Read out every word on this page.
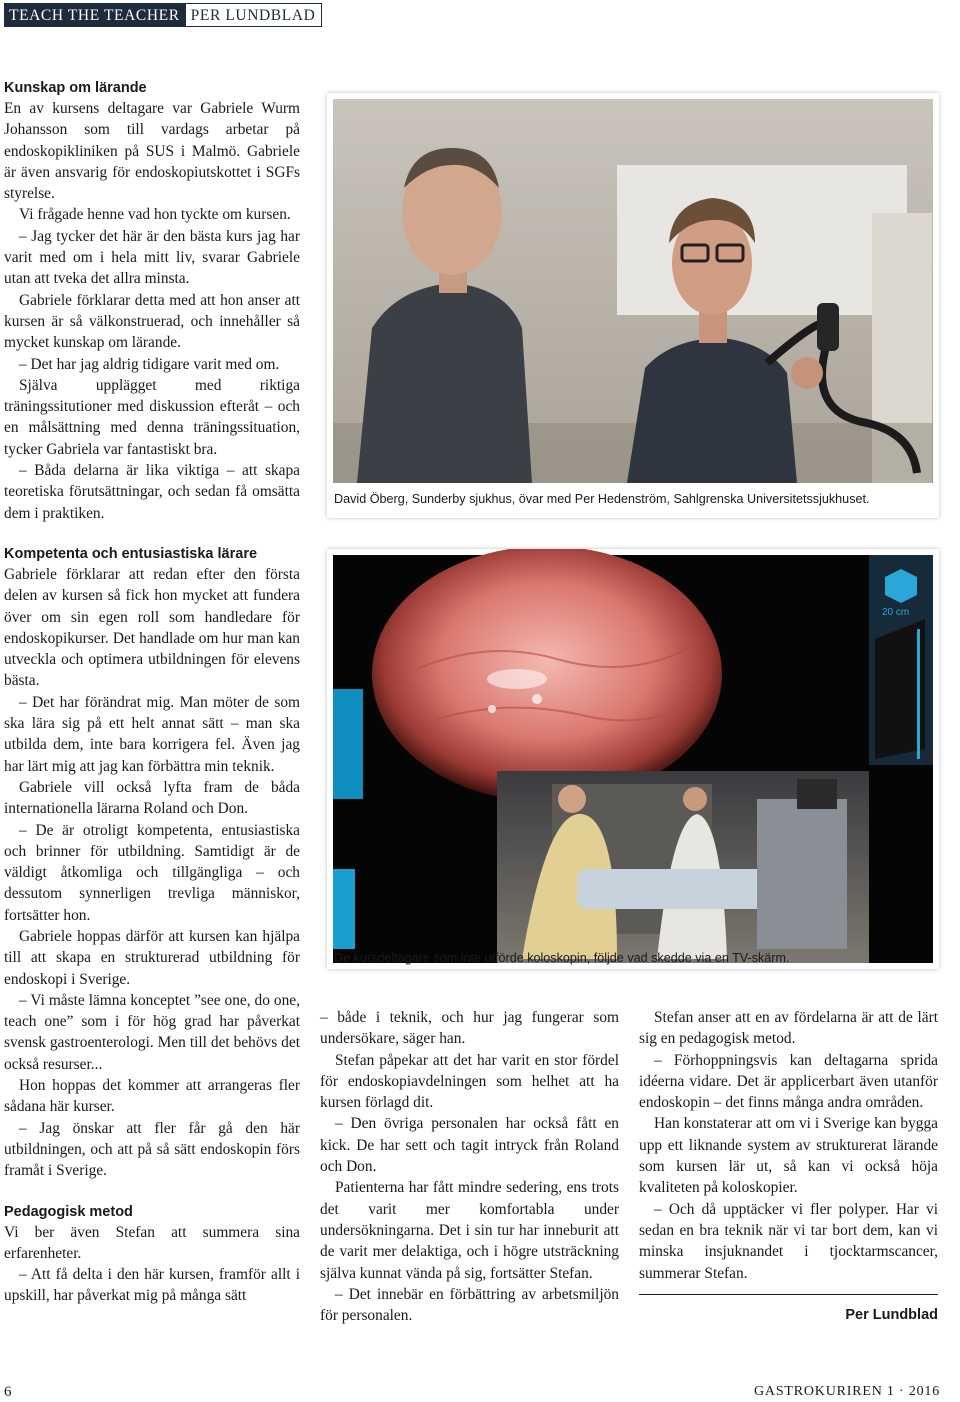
TEACH THE TEACHER PER LUNDBLAD
Kunskap om lärande

En av kursens deltagare var Gabriele Wurm Johansson som till vardags arbetar på endoskopikliniken på SUS i Malmö. Gabriele är även ansvarig för endoskopiutskottet i SGFs styrelse.

Vi frågade henne vad hon tyckte om kursen.

– Jag tycker det här är den bästa kurs jag har varit med om i hela mitt liv, svarar Gabriele utan att tveka det allra minsta.

Gabriele förklarar detta med att hon anser att kursen är så välkonstruerad, och innehåller så mycket kunskap om lärande.

– Det har jag aldrig tidigare varit med om.

Själva upplägget med riktiga träningssitutioner med diskussion efteråt – och en målsättning med denna träningssituation, tycker Gabriela var fantastiskt bra.

– Båda delarna är lika viktiga – att skapa teoretiska förutsättningar, och sedan få omsätta dem i praktiken.

Kompetenta och entusiastiska lärare

Gabriele förklarar att redan efter den första delen av kursen så fick hon mycket att fundera över om sin egen roll som handledare för endoskopikurser. Det handlade om hur man kan utveckla och optimera utbildningen för elevens bästa.

– Det har förändrat mig. Man möter de som ska lära sig på ett helt annat sätt – man ska utbilda dem, inte bara korrigera fel. Även jag har lärt mig att jag kan förbättra min teknik.

Gabriele vill också lyfta fram de båda internationella lärarna Roland och Don.

– De är otroligt kompetenta, entusiastiska och brinner för utbildning. Samtidigt är de väldigt åtkomliga och tillgängliga – och dessutom synnerligen trevliga människor, fortsätter hon.

Gabriele hoppas därför att kursen kan hjälpa till att skapa en strukturerad utbildning för endoskopi i Sverige.

– Vi måste lämna konceptet ”see one, do one, teach one” som i för hög grad har påverkat svensk gastroenterologi. Men till det behövs det också resurser...

Hon hoppas det kommer att arrangeras fler sådana här kurser.

– Jag önskar att fler får gå den här utbildningen, och att på så sätt endoskopin förs framåt i Sverige.

Pedagogisk metod

Vi ber även Stefan att summera sina erfarenheter.

– Att få delta i den här kursen, framför allt i upskill, har påverkat mig på många sätt

– både i teknik, och hur jag fungerar som undersökare, säger han.

Stefan påpekar att det har varit en stor fördel för endoskopiavdelningen som helhet att ha kursen förlagd dit.

– Den övriga personalen har också fått en kick. De har sett och tagit intryck från Roland och Don.

Patienterna har fått mindre sedering, ens trots det varit mer komfortabla under undersökningarna. Det i sin tur har inneburit att de varit mer delaktiga, och i högre utsträckning själva kunnat vända på sig, fortsätter Stefan.

– Det innebär en förbättring av arbetsmiljön för personalen.

Stefan anser att en av fördelarna är att de lärt sig en pedagogisk metod.

– Förhoppningsvis kan deltagarna sprida idéerna vidare. Det är applicerbart även utanför endoskopin – det finns många andra områden.

Han konstaterar att om vi i Sverige kan bygga upp ett liknande system av strukturerat lärande som kursen lär ut, så kan vi också höja kvaliteten på koloskopier.

– Och då upptäcker vi fler polyper. Har vi sedan en bra teknik när vi tar bort dem, kan vi minska insjuknandet i tjocktarmscancer, summerar Stefan.

Per Lundblad
David Öberg, Sunderby sjukhus, övar med Per Hedenström, Sahlgrenska Universitetssjukhuset.
20 cm
De kursdeltagare som inte utförde koloskopin, följde vad skedde via en TV-skärm.
6	GASTROKURIREN 1 · 2016
